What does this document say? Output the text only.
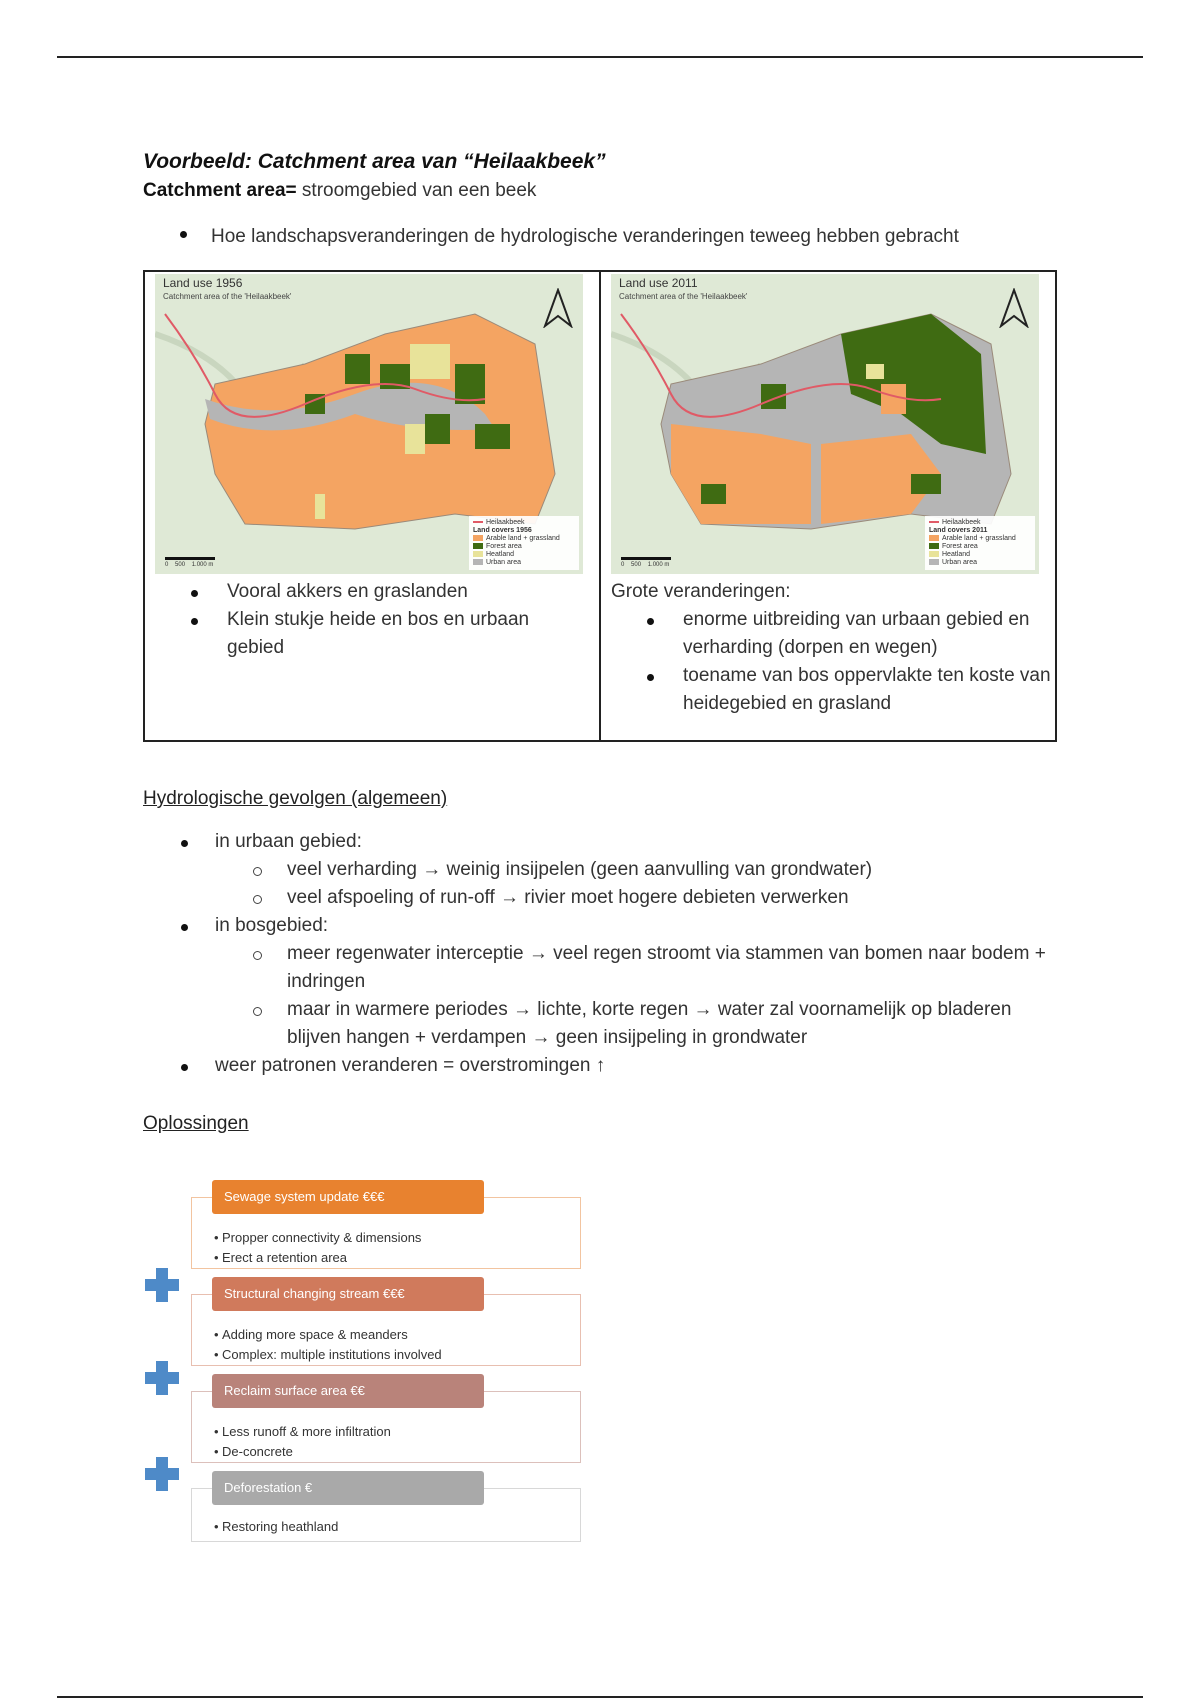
Voorbeeld: Catchment area van “Heilaakbeek”
Catchment area= stroomgebied van een beek
Hoe landschapsveranderingen de hydrologische veranderingen teweeg hebben gebracht
Land use 1956
Catchment area of the 'Heilaakbeek'
0 500 1.000 m
Heilaakbeek
Land covers 1956
Arable land + grassland
Forest area
Heatland
Urban area
Land use 2011
Catchment area of the 'Heilaakbeek'
0 500 1.000 m
Heilaakbeek
Land covers 2011
Arable land + grassland
Forest area
Heatland
Urban area
Vooral akkers en graslanden
Klein stukje heide en bos en urbaan gebied
Grote veranderingen:
enorme uitbreiding van urbaan gebied en verharding (dorpen en wegen)
toename van bos oppervlakte ten koste van heidegebied en grasland
Hydrologische gevolgen (algemeen)
in urbaan gebied:
veel verharding → weinig insijpelen (geen aanvulling van grondwater)
veel afspoeling of run-off → rivier moet hogere debieten verwerken
in bosgebied:
meer regenwater interceptie → veel regen stroomt via stammen van bomen naar bodem + indringen
maar in warmere periodes → lichte, korte regen → water zal voornamelijk op bladeren blijven hangen + verdampen → geen insijpeling in grondwater
weer patronen veranderen = overstromingen ↑
Oplossingen
• Propper connectivity & dimensions
• Erect a retention area
Sewage system update €€€
• Adding more space & meanders
• Complex: multiple institutions involved
Structural changing stream €€€
• Less runoff & more infiltration
• De-concrete
Reclaim surface area €€
• Restoring heathland
Deforestation €
